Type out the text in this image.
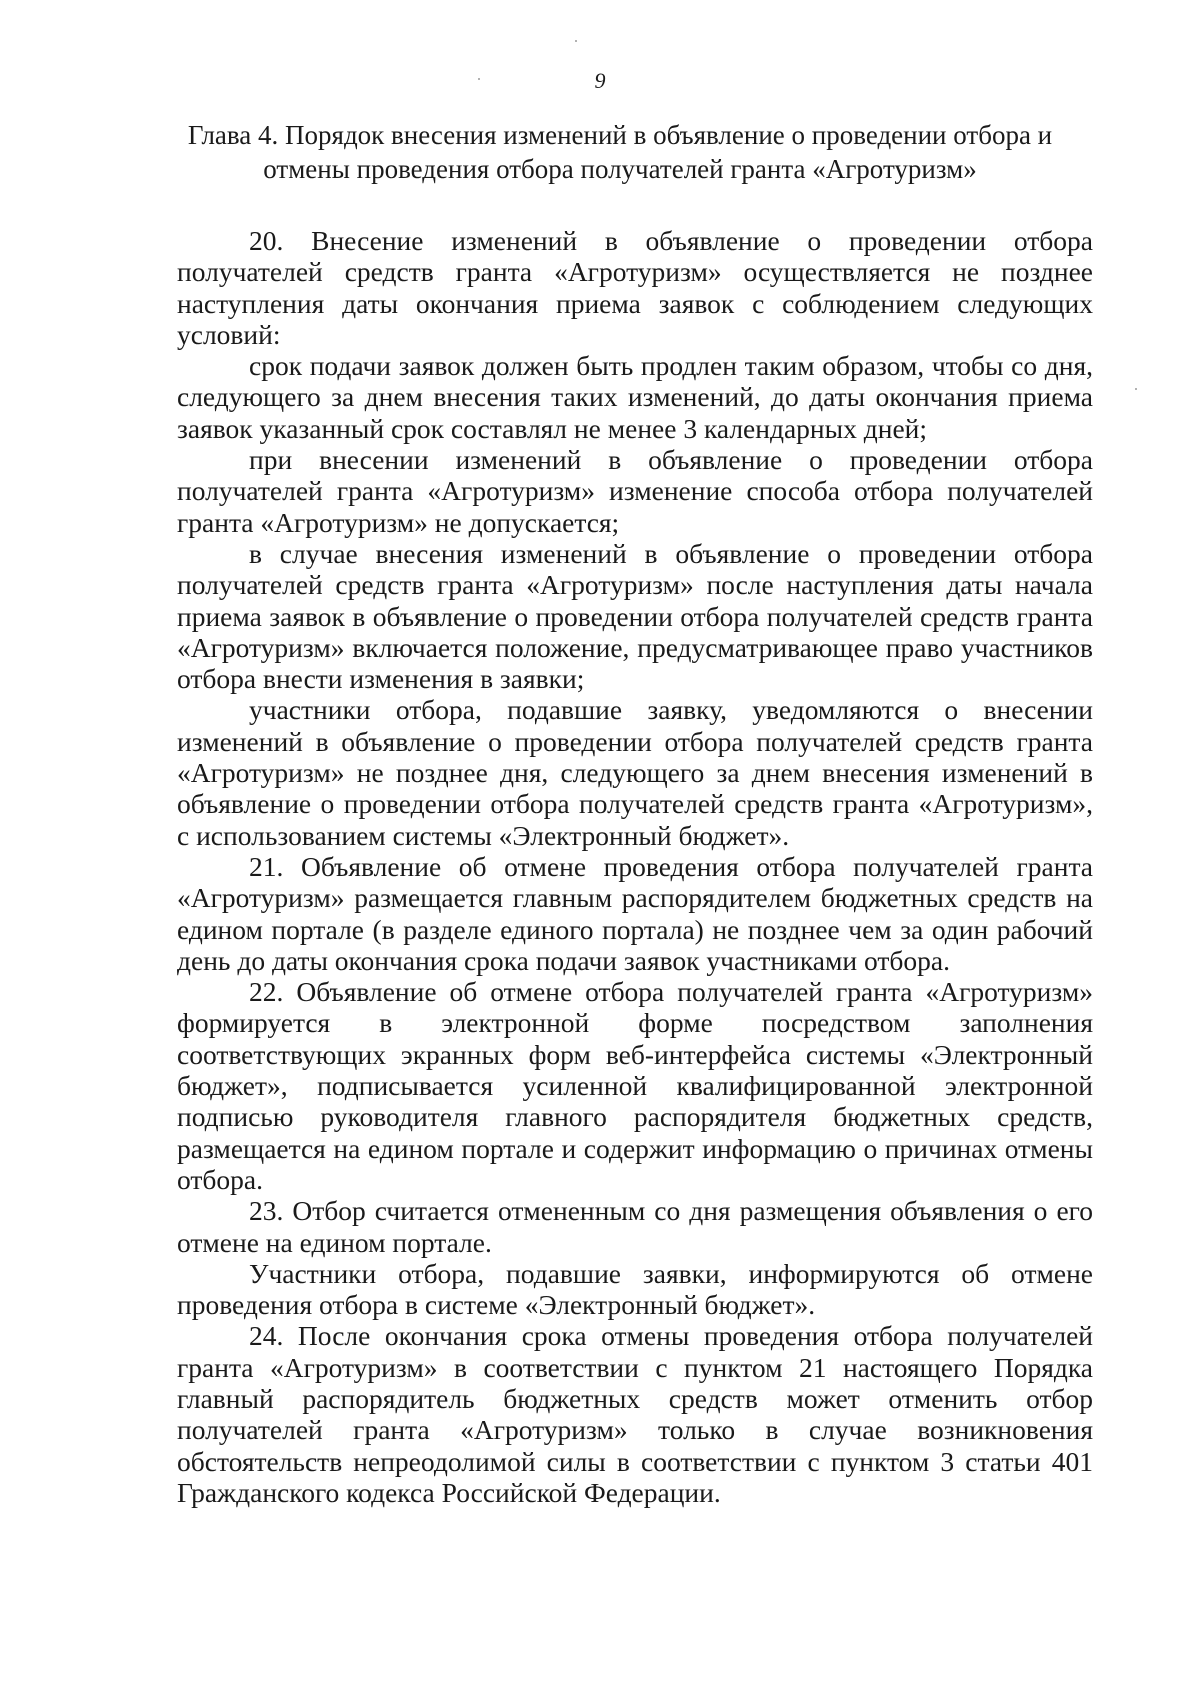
9
Глава 4. Порядок внесения изменений в объявление о проведении отбора и отмены проведения отбора получателей гранта «Агротуризм»

20. Внесение изменений в объявление о проведении отбора получателей средств гранта «Агротуризм» осуществляется не позднее наступления даты окончания приема заявок с соблюдением следующих условий:

срок подачи заявок должен быть продлен таким образом, чтобы со дня, следующего за днем внесения таких изменений, до даты окончания приема заявок указанный срок составлял не менее 3 календарных дней;

при внесении изменений в объявление о проведении отбора получателей гранта «Агротуризм» изменение способа отбора получателей гранта «Агротуризм» не допускается;

в случае внесения изменений в объявление о проведении отбора получателей средств гранта «Агротуризм» после наступления даты начала приема заявок в объявление о проведении отбора получателей средств гранта «Агротуризм» включается положение, предусматривающее право участников отбора внести изменения в заявки;

участники отбора, подавшие заявку, уведомляются о внесении изменений в объявление о проведении отбора получателей средств гранта «Агротуризм» не позднее дня, следующего за днем внесения изменений в объявление о проведении отбора получателей средств гранта «Агротуризм», с использованием системы «Электронный бюджет».

21. Объявление об отмене проведения отбора получателей гранта «Агротуризм» размещается главным распорядителем бюджетных средств на едином портале (в разделе единого портала) не позднее чем за один рабочий день до даты окончания срока подачи заявок участниками отбора.

22. Объявление об отмене отбора получателей гранта «Агротуризм» формируется в электронной форме посредством заполнения соответствующих экранных форм веб-интерфейса системы «Электронный бюджет», подписывается усиленной квалифицированной электронной подписью руководителя главного распорядителя бюджетных средств, размещается на едином портале и содержит информацию о причинах отмены отбора.

23. Отбор считается отмененным со дня размещения объявления о его отмене на едином портале.

Участники отбора, подавшие заявки, информируются об отмене проведения отбора в системе «Электронный бюджет».

24. После окончания срока отмены проведения отбора получателей гранта «Агротуризм» в соответствии с пунктом 21 настоящего Порядка главный распорядитель бюджетных средств может отменить отбор получателей гранта «Агротуризм» только в случае возникновения обстоятельств непреодолимой силы в соответствии с пунктом 3 статьи 401 Гражданского кодекса Российской Федерации.
